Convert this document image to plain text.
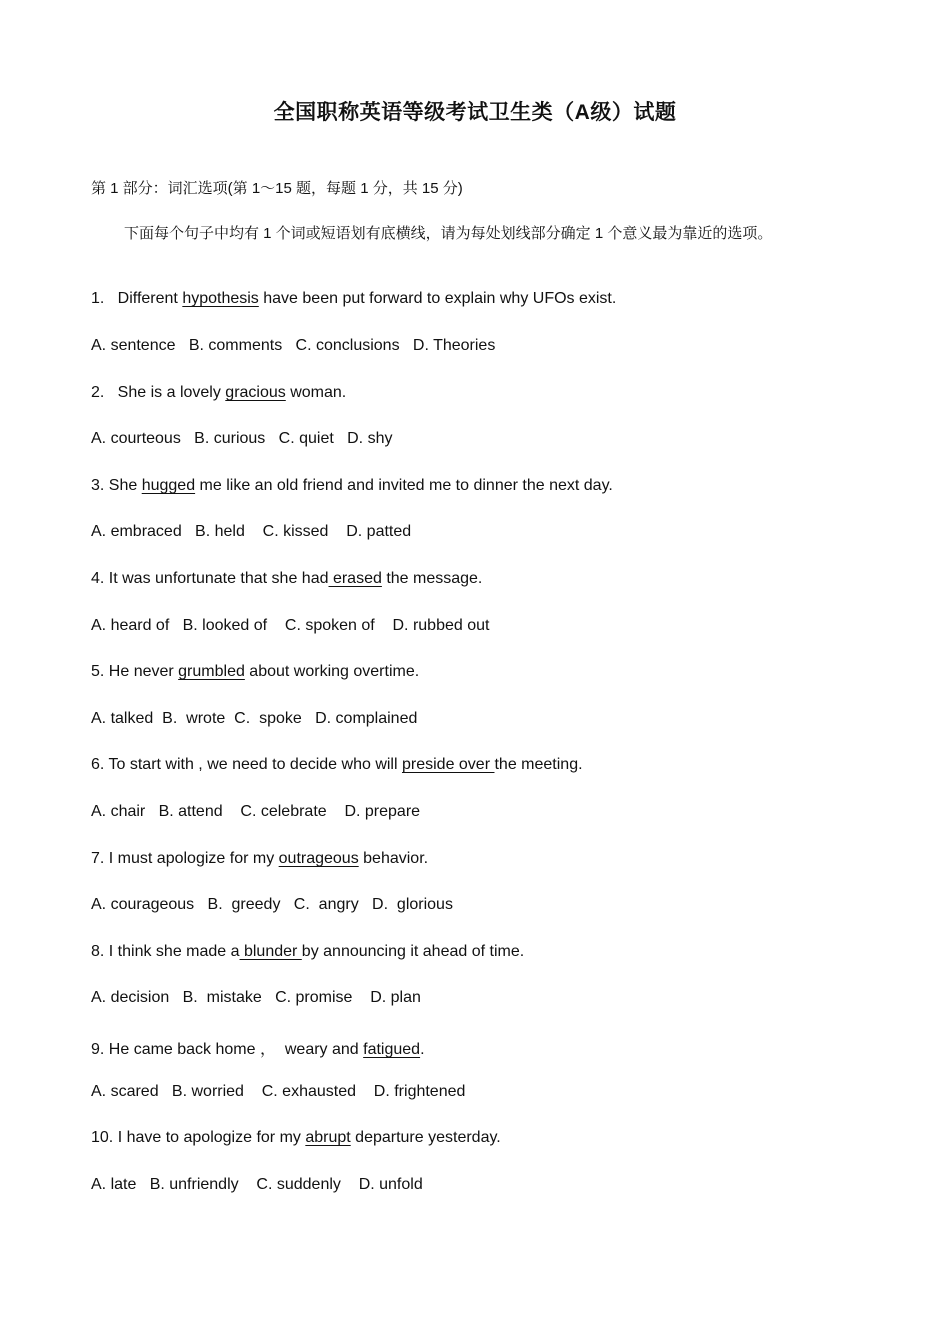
全国职称英语等级考试卫生类（A级）试题
第 1 部分：词汇选项(第 1～15 题，每题 1 分，共 15 分)
下面每个句子中均有 1 个词或短语划有底横线，请为每处划线部分确定 1 个意义最为靠近的选项。
1.   Different hypothesis have been put forward to explain why UFOs exist.
A. sentence   B. comments   C. conclusions   D. Theories
2.   She is a lovely gracious woman.
A. courteous   B. curious   C. quiet   D. shy
3. She hugged me like an old friend and invited me to dinner the next day.
A. embraced   B. held    C. kissed    D. patted
4. It was unfortunate that she had erased the message.
A. heard of   B. looked of    C. spoken of    D. rubbed out
5. He never grumbled about working overtime.
A. talked  B.  wrote  C.  spoke   D. complained
6. To start with , we need to decide who will preside over the meeting.
A. chair   B. attend    C. celebrate    D. prepare
7. I must apologize for my outrageous behavior.
A. courageous   B.  greedy   C.  angry   D.  glorious
8. I think she made a blunder by announcing it ahead of time.
A. decision   B.  mistake   C. promise    D. plan
9. He came back home ，  weary and fatigued.
A. scared   B. worried    C. exhausted    D. frightened
10. I have to apologize for my abrupt departure yesterday.
A. late   B. unfriendly    C. suddenly    D. unfold
